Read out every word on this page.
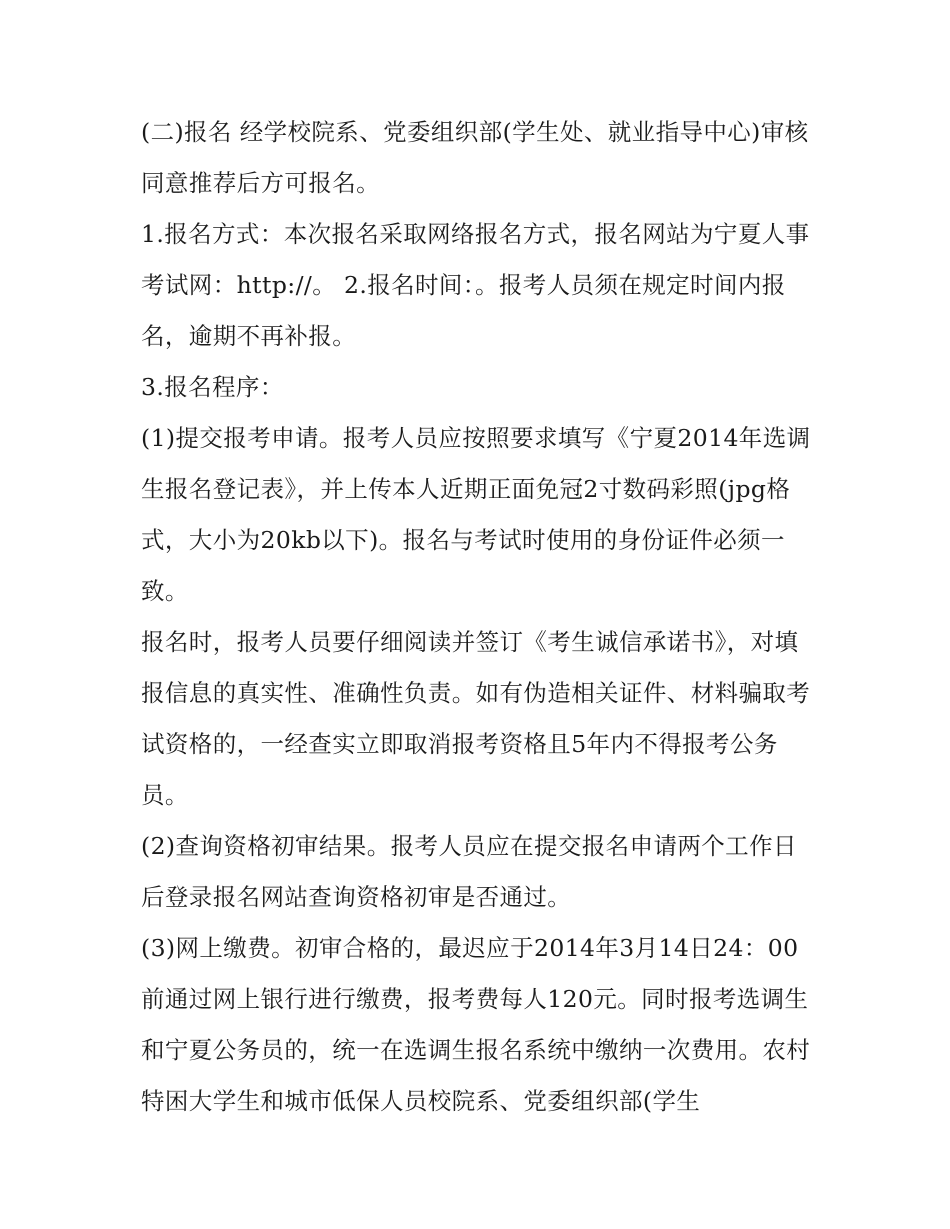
(二)报名 经学校院系、党委组织部(学生处、就业指导中心)审核同意推荐后方可报名。

1.报名方式：本次报名采取网络报名方式，报名网站为宁夏人事考试网：http://。 2.报名时间：。报考人员须在规定时间内报名，逾期不再补报。

3.报名程序：

(1)提交报考申请。报考人员应按照要求填写《宁夏2014年选调生报名登记表》，并上传本人近期正面免冠2寸数码彩照(jpg格式，大小为20kb以下)。报名与考试时使用的身份证件必须一致。

报名时，报考人员要仔细阅读并签订《考生诚信承诺书》，对填报信息的真实性、准确性负责。如有伪造相关证件、材料骗取考试资格的，一经查实立即取消报考资格且5年内不得报考公务员。

(2)查询资格初审结果。报考人员应在提交报名申请两个工作日后登录报名网站查询资格初审是否通过。

(3)网上缴费。初审合格的，最迟应于2014年3月14日24：00前通过网上银行进行缴费，报考费每人120元。同时报考选调生和宁夏公务员的，统一在选调生报名系统中缴纳一次费用。农村特困大学生和城市低保人员校院系、党委组织部(学生
